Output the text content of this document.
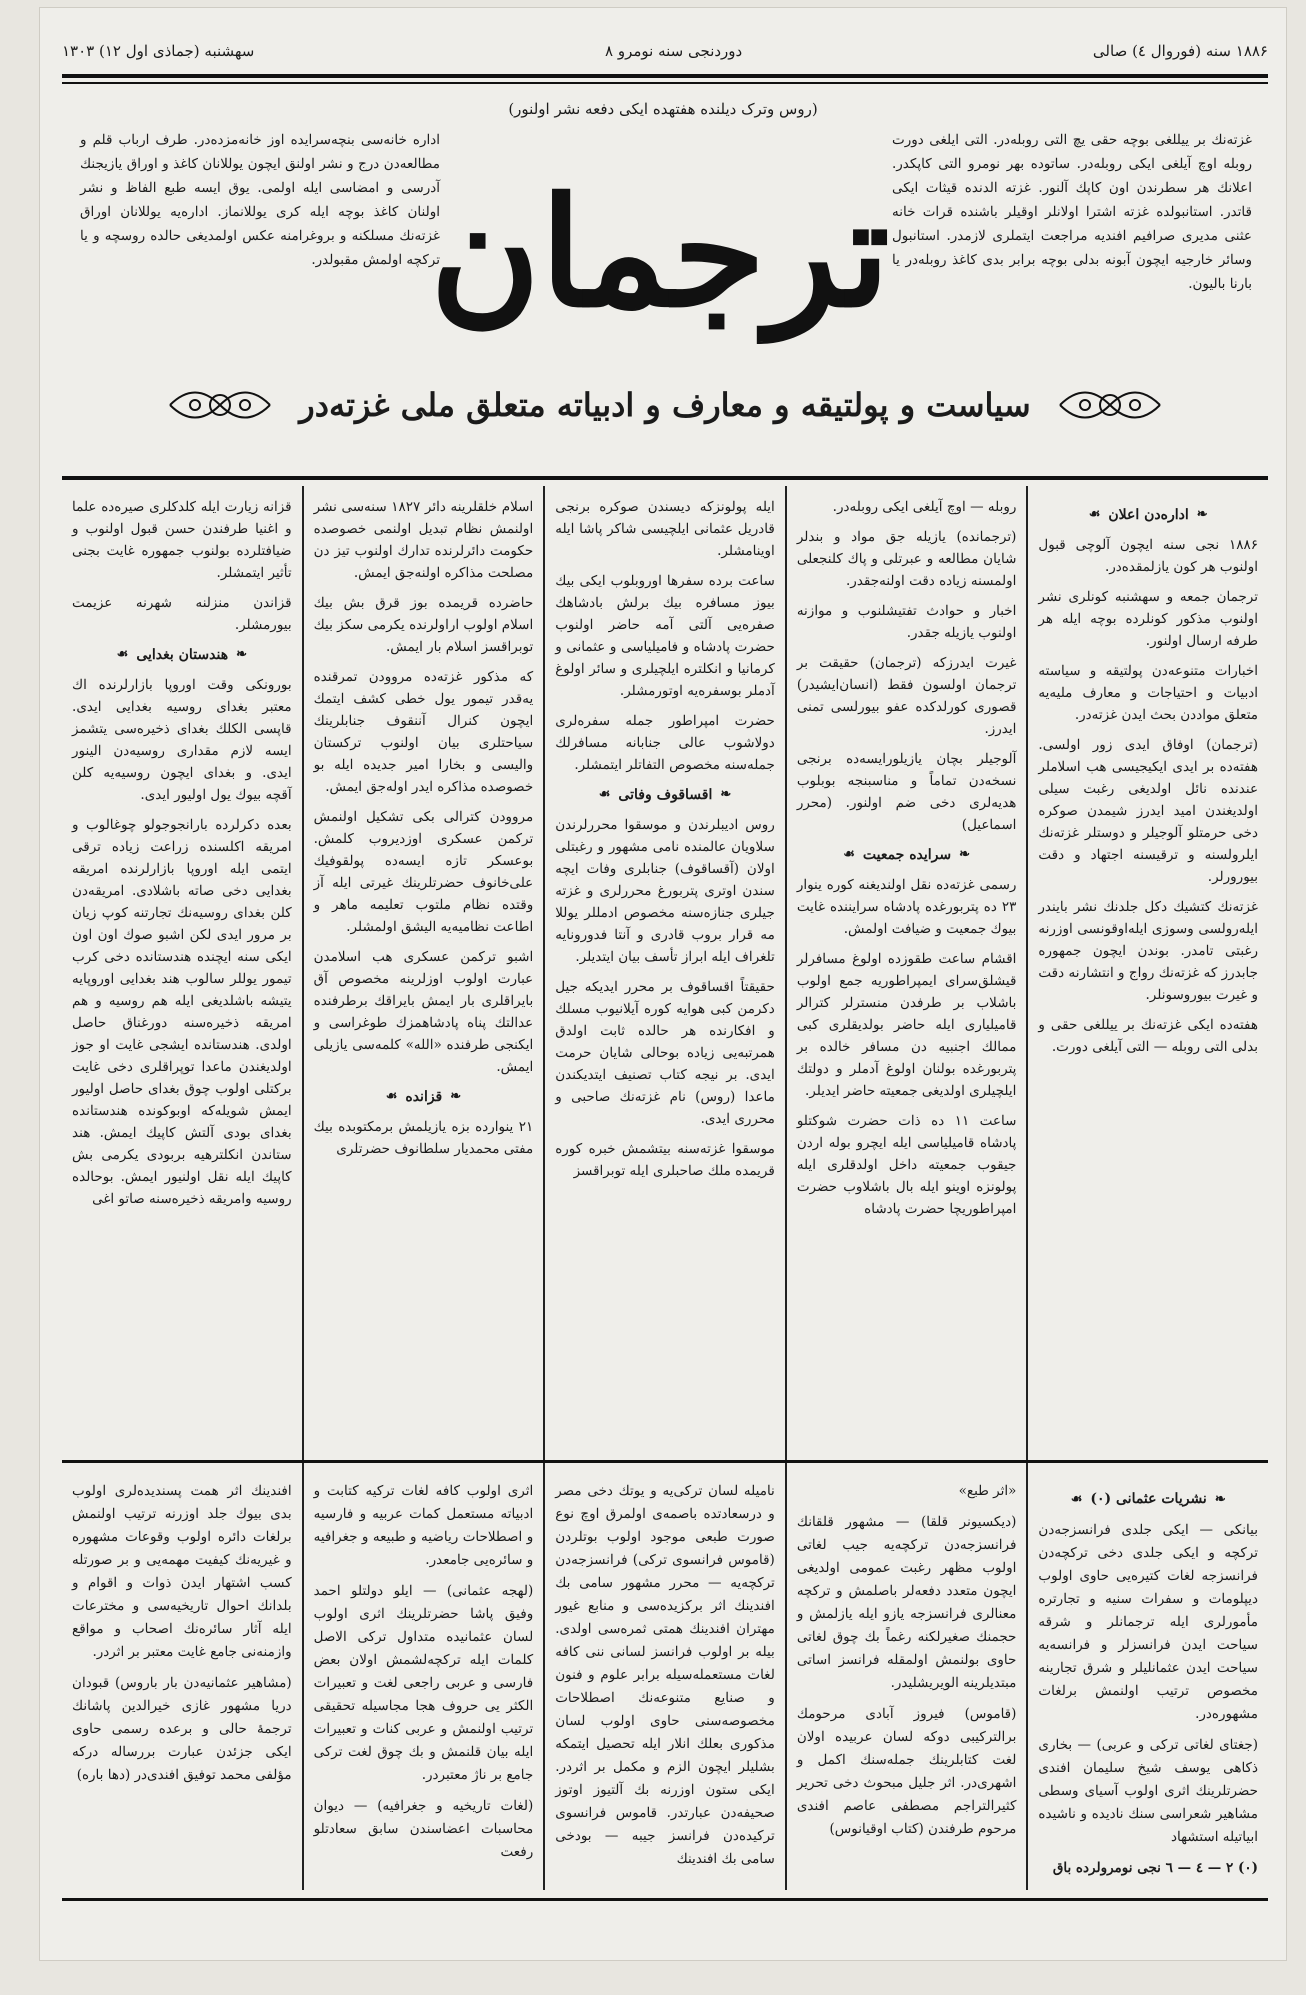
۱۸۸۶ سنه (فوروال ٤) صالی
دوردنجی سنه نومرو ۸
سهشنبه (جماذی اول ۱۲) ۱۳۰۳
(روس وترک دیلنده هفتهده ایکی دفعه نشر اولنور)
غزته‌نك بر ییللغی بوچه حقی یچ التی روبله‌در. التی ایلغی دورت روبله اوچ آیلغی ایکی روبله‌در. ساتوده بهر نومرو التی کاپکدر. اعلانك هر سطرندن اون کاپك آلنور. غزته الدنده قیثات ایکی قاتدر. استانبولده غزته اشترا اولانلر اوقیلر باشنده قرات خانه عثنی مدیری صرافیم افندیه مراجعت ایتملری لازمدر. استانبول وسائر خارجیه ایچون آبونه بدلی بوچه برابر بدی کاغذ روبله‌در یا بارنا بالیون.
اداره خانه‌سی بنچه‌سرایده اوز خانه‌مزده‌در. طرف ارباب قلم و مطالعه‌دن درج و نشر اولنق ایچون یوللانان کاغذ و اوراق یازیجنك آدرسی و امضاسی ایله اولمی. یوق ایسه طبع الفاظ و نشر اولنان کاغذ بوچه ایله کری یوللانماز. اداره‌یه یوللانان اوراق غزته‌نك مسلکنه و بروغرامنه عکس اولمدیغی حالده روسچه و یا ترکچه اولمش مقبولدر.
ترجمان
سیاست و پولتیقه و معارف و ادبیاته متعلق ملی غزته‌در
❧
اداره‌دن اعلان
☙

۱۸۸۶ نجی سنه ایچون آلوچی قبول اولنوب هر کون یازلمقده‌در.

ترجمان جمعه و سهشنبه کونلری نشر اولنوب مذکور کونلرده بوچه ایله هر طرفه ارسال اولنور.

اخبارات متنوعه‌دن پولتیقه و سیاسته ادبیات و احتیاجات و معارف ملیه‌یه متعلق مواددن بحث ایدن غزته‌در.

(ترجمان) اوفاق ایدی زور اولسی. هفته‌ده بر ایدی ایکیجیسی هب اسلاملر عندنده نائل اولدیغی رغبت سیلی اولدیغندن امید ایدرز شیمدن صوکره دخی حرمتلو آلوجیلر و دوستلر غزته‌نك ایلرولسنه و ترقیسنه اجتهاد و دقت بیورورلر.

غزته‌نك کتشیك دکل جلدنك نشر بایندر ایله‌رولسی وسوزی ایله‌اوقونسی اوزرنه رغبتی تامدر. بوندن ایچون جمهوره جابدرز که غزته‌نك رواج و انتشارنه دقت و غیرت بیوروسونلر.

هفته‌ده ایکی غزته‌نك بر ییللغی حقی و بدلی التی روبله — التی آیلغی دورت.

روبله — اوچ آیلغی ایکی روبله‌در.

(ترجمانده) یازیله جق مواد و بندلر شایان مطالعه و عبرتلی و پاك کلنجعلی اولمسنه زیاده دقت اولنه‌جقدر.

اخبار و حوادث تفتیشلنوب و موازنه اولنوب یازیله جقدر.

غیرت ایدرزکه (ترجمان) حقیقت بر ترجمان اولسون فقط (انسان‌ایشیدر) قصوری کورلدکده عفو بیورلسی تمنی ایدرز.

آلوجیلر بچان یازیلورایسه‌ده برنجی نسخه‌دن تماماً و مناسبنجه بوبلوب هدیه‌لری دخی ضم اولنور. (محرر اسماعیل)

❧
سرایده جمعیت
☙

رسمی غزته‌ده نقل اولندیغنه کوره ینوار ۲۳ ده پتربورغده پادشاه سرایننده غایت بیوك جمعیت و ضیافت اولمش.

اقشام ساعت طقوزده اولوغ مسافرلر قیشلق‌سرای ایمپراطوریه جمع اولوب باشلاب بر طرفدن منسترلر کترالر قامیلیاری ایله حاضر بولدیقلری کبی ممالك اجنبیه دن مسافر خالده بر پتربورغده بولنان اولوغ آدملر و دولتك ایلچیلری اولدیغی جمعیته حاضر ایدیلر.

ساعت ۱۱ ده ذات حضرت شوکتلو پادشاه قامیلیاسی ایله ایچرو بوله اردن جیقوب جمعیته داخل اولدقلری ایله پولونزه اوینو ایله بال باشلاوب حضرت امپراطوریچا حضرت پادشاه

ایله پولونزکه دیسندن صوکره برنجی قادریل عثمانی ایلچیسی شاکر پاشا ایله اوینامشلر.

ساعت برده سفرها اوروبلوب ایکی بیك بیوز مسافره بیك برلش بادشاهك صفره‌یی آلتی آمه حاضر اولنوب حضرت پادشاه و فامیلیاسی و عثمانی و کرمانیا و انکلتره ایلچیلری و سائر اولوغ آدملر بوسفره‌یه اوتورمشلر.

حضرت امپراطور جمله سفره‌لری دولاشوب عالی جنابانه مسافرلك جمله‌سنه مخصوص التفاتلر ایتمشلر.

❧
اقساقوف وفاتی
☙

روس ادیبلرندن و موسقوا محررلرندن سلاویان عالمنده نامی مشهور و رغبتلی اولان (آقساقوف) جنابلری وفات ایچه سندن اوتری پتربورغ محررلری و غزته جیلری جنازه‌سنه مخصوص ادمللر یوللا مه قرار بروب قادری و آنتا فدورونایه تلغراف ایله ابراز تأسف بیان ایتدیلر.

حقیقتاً اقساقوف بر محرر ایدیکه جیل دکرمن کبی هوایه کوره آیلانیوب مسلك و افکارنده هر حالده ثابت اولدق همرتبه‌یی زیاده بوحالی شایان حرمت ایدی. بر نیجه کتاب تصنیف ایتدیکندن ماعدا (روس) نام غزته‌نك صاحبی و محرری ایدی.

موسقوا غزته‌سنه بیتشمش خبره کوره قریمده ملك صاحبلری ایله توبراقسز

اسلام خلقلرینه دائر ۱۸۲۷ سنه‌سی نشر اولنمش نظام تبدیل اولنمی خصوصده حکومت دائرلرنده تدارك اولنوب تیز دن مصلحت مذاکره اولنه‌جق ایمش.

حاضرده قریمده بوز قرق بش بیك اسلام اولوب اراولرنده یکرمی سکز بیك توبراقسز اسلام بار ایمش.

که مذکور غزته‌ده مروودن تمرقنده یه‌قدر تیمور یول خطی کشف ایتمك ایچون کنرال آننقوف جنابلرینك سیاحتلری بیان اولنوب ترکستان والیسی و بخارا امیر جدیده ایله بو خصوصده مذاکره ایدر اوله‌جق ایمش.

مروودن کترالی بکی تشکیل اولنمش ترکمن عسکری اوزدیروب کلمش. بوعسکر تازه ایسه‌ده پولقوفیك علی‌خانوف حضرتلرینك غیرتی ایله آز وقتده نظام ملتوب تعلیمه ماهر و اطاعت نظامیه‌یه الیشق اولمشلر.

اشبو ترکمن عسکری هب اسلامدن عبارت اولوب اوزلرینه مخصوص آق بایراقلری بار ایمش بایراقك برطرفنده عدالتك پناه پادشاهمزك طوغراسی و ایکنجی طرفنده «الله» کلمه‌سی یازیلی ایمش.

❧
قزانده
☙

۲۱ ینوارده بزه یازیلمش برمکتوبده بیك مفتی محمدیار سلطانوف حضرتلری

قزانه زیارت ایله کلدکلری صیره‌ده علما و اغنیا طرفندن حسن قبول اولنوب و ضیافتلرده بولنوب جمهوره غایت بجنی تأثیر ایتمشلر.

قزاندن منزلنه شهرنه عزیمت بیورمشلر.

❧
هندستان بغدایی
☙

بورونکی وقت اوروپا بازارلرنده اك معتبر بغدای روسیه بغدایی ایدی. قاپسی الکلك بغدای ذخیره‌سی یتشمز ایسه لازم مقداری روسیه‌دن الینور ایدی. و بغدای ایچون روسیه‌یه کلن آقچه بیوك یول اولیور ایدی.

بعده دکرلرده بارانجوجولو چوغالوب و امریقه اکلسنده زراعت زیاده ترقی ایتمی ایله اوروپا بازارلرنده امریقه بغدایی دخی صاته باشلادی. امریقه‌دن کلن بغدای روسیه‌نك تجارتنه کوپ زیان بر مرور ایدی لکن اشبو صوك اون اون ایکی سنه ایچنده هندستانده دخی کرب تیمور یوللر سالوب هند بغدایی اوروپایه یتیشه باشلدیغی ایله هم روسیه و هم امریقه ذخیره‌سنه دورغناق حاصل اولدی. هندستانده ایشجی غایت او جوز اولدیغندن ماعدا توپراقلری دخی غایت برکتلی اولوب چوق بغدای حاصل اولیور ایمش شویله‌که اوبوکونده هندستانده بغدای بودی آلتش کاپیك ایمش. هند ستاندن انکلترهیه بربودی یکرمی بش کاپیك ایله نقل اولنیور ایمش. بوحالده روسیه وامریقه ذخیره‌سنه صاتو اغی

❧
نشریات عثمانی (۰)
☙

بیانکی — ایکی جلدی فرانسزجه‌دن ترکچه و ایکی جلدی دخی ترکچه‌دن فرانسزجه لغات کتیره‌یی حاوی اولوب دیپلومات و سفرات سنیه و تجارتره مأمورلری ایله ترجمانلر و شرقه سیاحت ایدن فرانسزلر و فرانسه‌یه سیاحت ایدن عثمانلیلر و شرق تجارینه مخصوص ترتیب اولنمش برلغات مشهوره‌در.

(جغتای لغاتی ترکی و عربی) — بخاری ذکاهی یوسف شیخ سلیمان افندی حضرتلرینك اثری اولوب آسیای وسطی مشاهیر شعراسی سنك نادیده و ناشیده ابیاتیله استشهاد

(۰) ۲ — ٤ — ٦ نجی نومرولرده باق

«اثر طبع»

(دیکسیونر قلقا) — مشهور قلقانك فرانسزجه‌دن ترکچه‌یه جیب لغاتی اولوب مظهر رغبت عمومی اولدیغی ایچون متعدد دفعه‌لر باصلمش و ترکچه معنالری فرانسزجه یازو ایله یازلمش و حجمنك صغیرلکنه رغماً بك چوق لغاتی حاوی بولنمش اولمقله فرانسز اساتی مبتدیلرینه الویریشلیدر.

(قاموس) فیروز آبادی مرحومك برالترکیبی دوکه لسان عربیده اولان لغت کتابلرینك جمله‌سنك اکمل و اشهری‌در. اثر جلیل مبحوث دخی تحریر کثیرالتراجم مصطفی عاصم افندی مرحوم طرفندن (کتاب اوقیانوس)

نامیله لسان ترکی‌یه و یوتك دخی مصر و درسعادتده باصمه‌ی اولمرق اوچ نوع صورت طبعی موجود اولوب بوتلردن (قاموس فرانسوی ترکی) فرانسزجه‌دن ترکچه‌یه — محرر مشهور سامی بك افندینك اثر برکزیده‌سی و منابع غیور مهتران افندینك همتی ثمره‌سی اولدی. بیله بر اولوب فرانسز لسانی ننی کافه لغات مستعمله‌سیله برابر علوم و فنون و صنایع متنوعه‌نك اصطلاحات مخصوصه‌سنی حاوی اولوب لسان مذکوری بعلك انلار ایله تحصیل ایتمكه بشلیلر ایچون الزم و مکمل بر اثردر. ایکی ستون اوزرنه بك آلتیوز اوتوز صحیفه‌دن عبارتدر. قاموس فرانسوی ترکیده‌دن فرانسز جیبه — بودخی سامی بك افندینك

اثری اولوب کافه لغات ترکیه کتابت و ادبیاته مستعمل کمات عربیه و فارسیه و اصطلاحات ریاضیه و طبیعه و جغرافیه و سائره‌یی جامعدر.

(لهجه عثمانی) — ایلو دولتلو احمد وفیق پاشا حضرتلرینك اثری اولوب لسان عثمانیده متداول ترکی الاصل کلمات ایله ترکچه‌لشمش اولان بعض فارسی و عربی راجعی لغت و تعبیرات الکثر یی حروف هجا مجاسیله تحقیقی ترتیب اولنمش و عربی کنات و تعبیرات ایله بیان قلنمش و بك چوق لغت ترکی جامع بر ناژ معتبردر.

(لغات تاریخیه و جغرافیه) — دیوان محاسبات اعضاسندن سابق سعادتلو رفعت

افندینك اثر همت پسندیده‌لری اولوب بدی بیوك جلد اوزرنه ترتیب اولنمش برلغات دائره اولوب وقوعات مشهوره و غیریه‌نك کیفیت مهمه‌یی و بر صورتله کسب اشتهار ایدن ذوات و اقوام و بلدانك احوال تاریخیه‌سی و مخترعات ایله آثار سائره‌نك اصحاب و مواقع وازمنه‌نی جامع غایت معتبر بر اثردر.

(مشاهیر عثمانیه‌دن بار باروس) قبودان دریا مشهور غازی خیرالدین پاشانك ترجمهٔ حالی و برعده رسمی حاوی ایکی جزئدن عبارت بررساله درکه مؤلفی محمد توفیق افندی‌در (دها باره)
